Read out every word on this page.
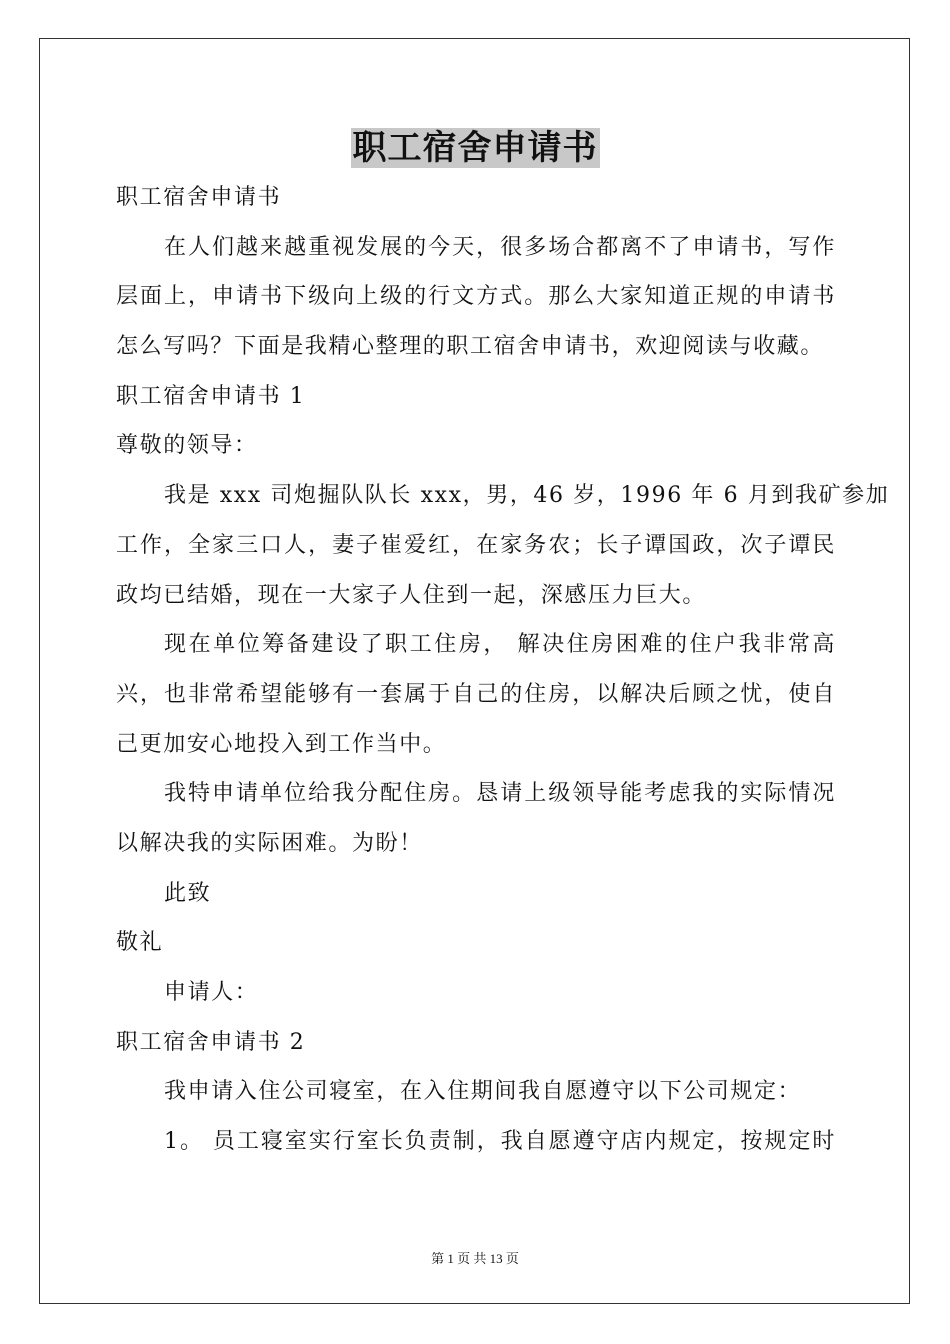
职工宿舍申请书
职工宿舍申请书
在人们越来越重视发展的今天，很多场合都离不了申请书，写作
层面上，申请书下级向上级的行文方式。那么大家知道正规的申请书
怎么写吗？下面是我精心整理的职工宿舍申请书，欢迎阅读与收藏。
职工宿舍申请书 1
尊敬的领导：
我是 xxx 司炮掘队队长 xxx，男，46 岁，1996 年 6 月到我矿参加
工作，全家三口人，妻子崔爱红，在家务农；长子谭国政，次子谭民
政均已结婚，现在一大家子人住到一起，深感压力巨大。
现在单位筹备建设了职工住房， 解决住房困难的住户我非常高
兴，也非常希望能够有一套属于自己的住房，以解决后顾之忧，使自
己更加安心地投入到工作当中。
我特申请单位给我分配住房。恳请上级领导能考虑我的实际情况
以解决我的实际困难。为盼！
此致
敬礼
申请人：
职工宿舍申请书 2
我申请入住公司寝室，在入住期间我自愿遵守以下公司规定：
1。 员工寝室实行室长负责制，我自愿遵守店内规定，按规定时
第 1 页 共 13 页
